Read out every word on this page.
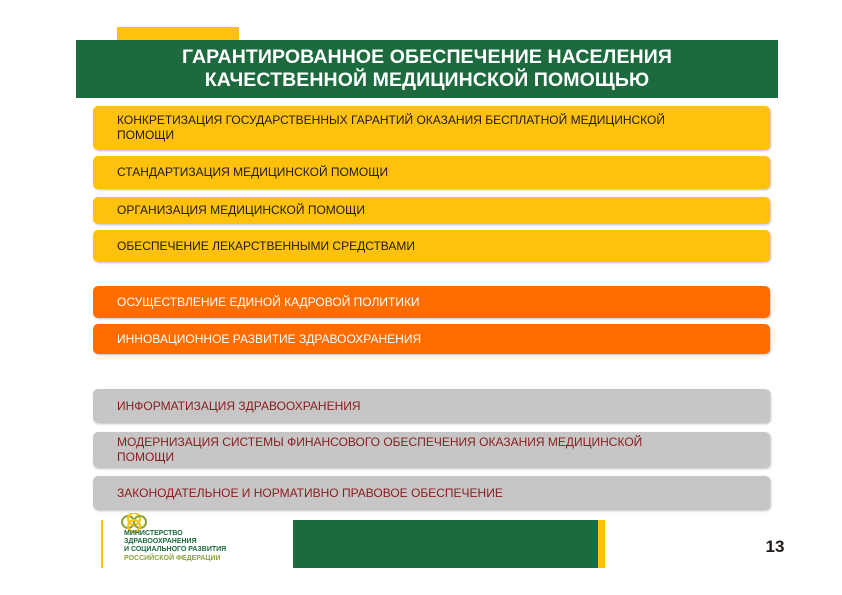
ГАРАНТИРОВАННОЕ ОБЕСПЕЧЕНИЕ НАСЕЛЕНИЯ
КАЧЕСТВЕННОЙ МЕДИЦИНСКОЙ ПОМОЩЬЮ
КОНКРЕТИЗАЦИЯ ГОСУДАРСТВЕННЫХ ГАРАНТИЙ ОКАЗАНИЯ БЕСПЛАТНОЙ МЕДИЦИНСКОЙ ПОМОЩИ
СТАНДАРТИЗАЦИЯ МЕДИЦИНСКОЙ ПОМОЩИ
ОРГАНИЗАЦИЯ МЕДИЦИНСКОЙ ПОМОЩИ
ОБЕСПЕЧЕНИЕ ЛЕКАРСТВЕННЫМИ СРЕДСТВАМИ
ОСУЩЕСТВЛЕНИЕ ЕДИНОЙ КАДРОВОЙ ПОЛИТИКИ
ИННОВАЦИОННОЕ РАЗВИТИЕ ЗДРАВООХРАНЕНИЯ
ИНФОРМАТИЗАЦИЯ ЗДРАВООХРАНЕНИЯ
МОДЕРНИЗАЦИЯ СИСТЕМЫ ФИНАНСОВОГО ОБЕСПЕЧЕНИЯ ОКАЗАНИЯ МЕДИЦИНСКОЙ ПОМОЩИ
ЗАКОНОДАТЕЛЬНОЕ И НОРМАТИВНО ПРАВОВОЕ ОБЕСПЕЧЕНИЕ
МИНИСТЕРСТВО
ЗДРАВООХРАНЕНИЯ
И СОЦИАЛЬНОГО РАЗВИТИЯ
РОССИЙСКОЙ ФЕДЕРАЦИИ
13
